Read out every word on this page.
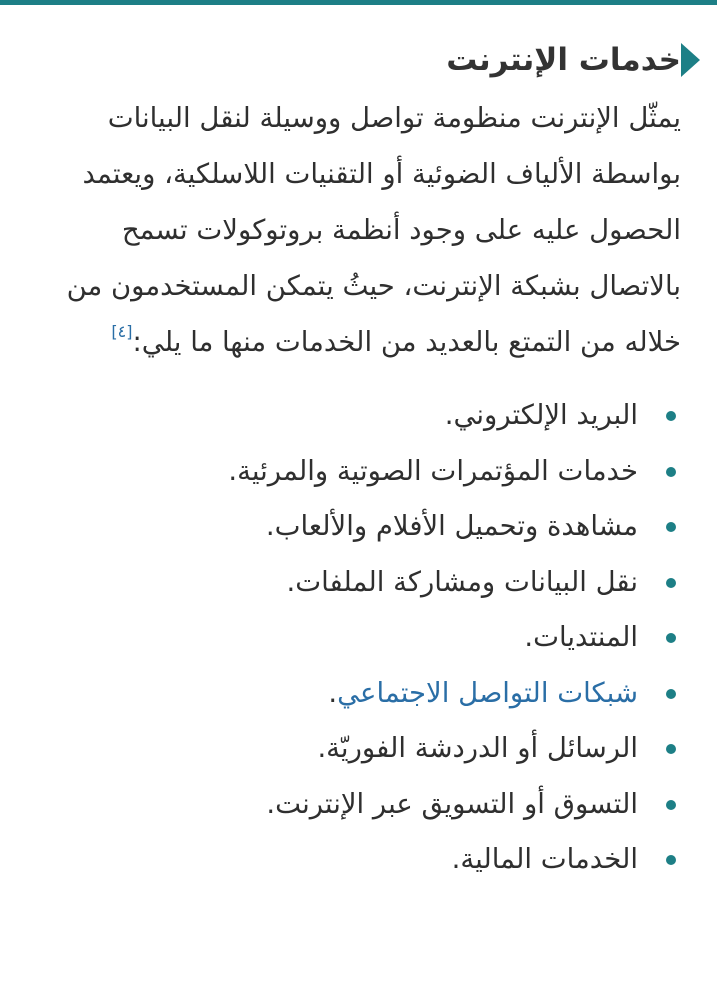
خدمات الإنترنت

يمثّل الإنترنت منظومة تواصل ووسيلة لنقل البيانات بواسطة الألياف الضوئية أو التقنيات اللاسلكية، ويعتمد الحصول عليه على وجود أنظمة بروتوكولات تسمح بالاتصال بشبكة الإنترنت، حيثُ يتمكن المستخدمون من خلاله من التمتع بالعديد من الخدمات منها ما يلي:[٤]

البريد الإلكتروني.
خدمات المؤتمرات الصوتية والمرئية.
مشاهدة وتحميل الأفلام والألعاب.
نقل البيانات ومشاركة الملفات.
المنتديات.
شبكات التواصل الاجتماعي.
الرسائل أو الدردشة الفوريّة.
التسوق أو التسويق عبر الإنترنت.
الخدمات المالية.
